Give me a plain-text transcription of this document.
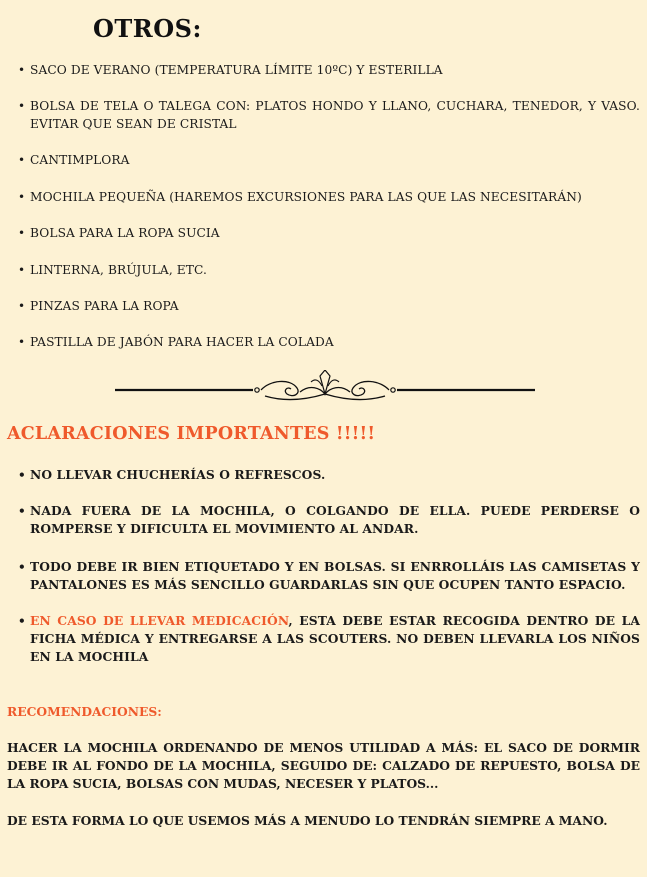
OTROS:
• SACO DE VERANO (TEMPERATURA LÍMITE 10ºC) Y ESTERILLA
• BOLSA DE TELA O TALEGA CON: PLATOS HONDO Y LLANO, CUCHARA, TENEDOR, Y VASO. EVITAR QUE SEAN DE CRISTAL
• CANTIMPLORA
• MOCHILA PEQUEÑA (HAREMOS EXCURSIONES PARA LAS QUE LAS NECESITARÁN)
• BOLSA PARA LA ROPA SUCIA
• LINTERNA, BRÚJULA, ETC.
• PINZAS PARA LA ROPA
• PASTILLA DE JABÓN PARA HACER LA COLADA
ACLARACIONES IMPORTANTES !!!!!
• NO LLEVAR CHUCHERÍAS O REFRESCOS.
• NADA FUERA DE LA MOCHILA, O COLGANDO DE ELLA. PUEDE PERDERSE O ROMPERSE Y DIFICULTA EL MOVIMIENTO AL ANDAR.
• TODO DEBE IR BIEN ETIQUETADO Y EN BOLSAS. SI ENRROLLÁIS LAS CAMISETAS Y PANTALONES ES MÁS SENCILLO GUARDARLAS SIN QUE OCUPEN TANTO ESPACIO.
• EN CASO DE LLEVAR MEDICACIÓN, ESTA DEBE ESTAR RECOGIDA DENTRO DE LA FICHA MÉDICA Y ENTREGARSE A LAS SCOUTERS. NO DEBEN LLEVARLA LOS NIÑOS EN LA MOCHILA
RECOMENDACIONES:
HACER LA MOCHILA ORDENANDO DE MENOS UTILIDAD A MÁS: EL SACO DE DORMIR DEBE IR AL FONDO DE LA MOCHILA, SEGUIDO DE: CALZADO DE REPUESTO, BOLSA DE LA ROPA SUCIA, BOLSAS CON MUDAS, NECESER Y PLATOS...
DE ESTA FORMA LO QUE USEMOS MÁS A MENUDO LO TENDRÁN SIEMPRE A MANO.
